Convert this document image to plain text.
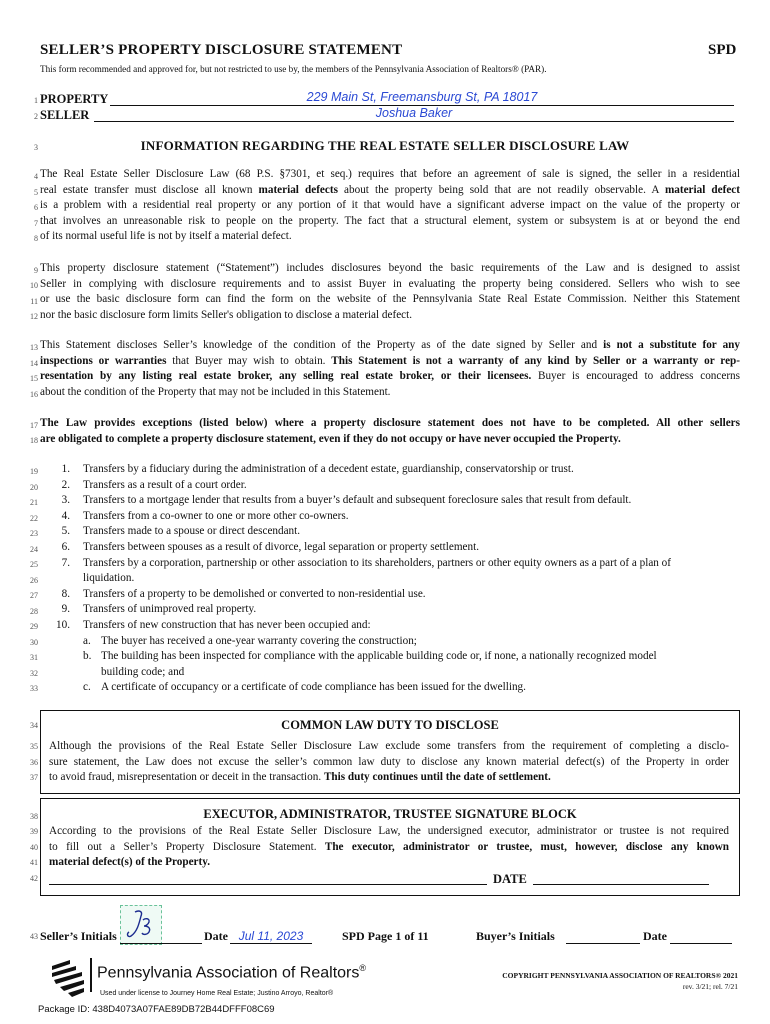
SELLER’S PROPERTY DISCLOSURE STATEMENT	SPD
This form recommended and approved for, but not restricted to use by, the members of the Pennsylvania Association of Realtors® (PAR).
1
2
3
4
5
6
7
8
9
10
11
12
13
14
15
16
17
18
19
20
21
22
23
24
25
26
27
28
29
30
31
32
33
34
35
36
37
38
39
40
41
42
43
PROPERTY	229 Main St, Freemansburg St, PA 18017
SELLER	Joshua Baker
INFORMATION REGARDING THE REAL ESTATE SELLER DISCLOSURE LAW
The Real Estate Seller Disclosure Law (68 P.S. §7301, et seq.) requires that before an agreement of sale is signed, the seller in a residential
real estate transfer must disclose all known material defects about the property being sold that are not readily observable. A material defect
is a problem with a residential real property or any portion of it that would have a significant adverse impact on the value of the property or
that involves an unreasonable risk to people on the property. The fact that a structural element, system or subsystem is at or beyond the end
of its normal useful life is not by itself a material defect.
This property disclosure statement (“Statement”) includes disclosures beyond the basic requirements of the Law and is designed to assist
Seller in complying with disclosure requirements and to assist Buyer in evaluating the property being considered. Sellers who wish to see
or use the basic disclosure form can find the form on the website of the Pennsylvania State Real Estate Commission. Neither this Statement
nor the basic disclosure form limits Seller's obligation to disclose a material defect.
This Statement discloses Seller’s knowledge of the condition of the Property as of the date signed by Seller and is not a substitute for any
inspections or warranties that Buyer may wish to obtain. This Statement is not a warranty of any kind by Seller or a warranty or rep-
resentation by any listing real estate broker, any selling real estate broker, or their licensees. Buyer is encouraged to address concerns
about the condition of the Property that may not be included in this Statement.
The Law provides exceptions (listed below) where a property disclosure statement does not have to be completed. All other sellers
are obligated to complete a property disclosure statement, even if they do not occupy or have never occupied the Property.
1. Transfers by a fiduciary during the administration of a decedent estate, guardianship, conservatorship or trust.
2. Transfers as a result of a court order.
3. Transfers to a mortgage lender that results from a buyer’s default and subsequent foreclosure sales that result from default.
4. Transfers from a co-owner to one or more other co-owners.
5. Transfers made to a spouse or direct descendant.
6. Transfers between spouses as a result of divorce, legal separation or property settlement.
7. Transfers by a corporation, partnership or other association to its shareholders, partners or other equity owners as a part of a plan of
liquidation.
8. Transfers of a property to be demolished or converted to non-residential use.
9. Transfers of unimproved real property.
10. Transfers of new construction that has never been occupied and:
a. The buyer has received a one-year warranty covering the construction;
b. The building has been inspected for compliance with the applicable building code or, if none, a nationally recognized model
building code; and
c. A certificate of occupancy or a certificate of code compliance has been issued for the dwelling.
COMMON LAW DUTY TO DISCLOSE
Although the provisions of the Real Estate Seller Disclosure Law exclude some transfers from the requirement of completing a disclo-
sure statement, the Law does not excuse the seller’s common law duty to disclose any known material defect(s) of the Property in order
to avoid fraud, misrepresentation or deceit in the transaction. This duty continues until the date of settlement.
EXECUTOR, ADMINISTRATOR, TRUSTEE SIGNATURE BLOCK
According to the provisions of the Real Estate Seller Disclosure Law, the undersigned executor, administrator or trustee is not required
to fill out a Seller’s Property Disclosure Statement. The executor, administrator or trustee, must, however, disclose any known
material defect(s) of the Property.
DATE
Seller’s Initials	Date Jul 11, 2023	SPD Page 1 of 11	Buyer’s Initials	Date
Pennsylvania Association of Realtors®
Used under license to Journey Home Real Estate; Justino Arroyo, Realtor®
COPYRIGHT PENNSYLVANIA ASSOCIATION OF REALTORS® 2021
rev. 3/21; rel. 7/21
Package ID: 438D4073A07FAE89DB72B44DFFF08C69
